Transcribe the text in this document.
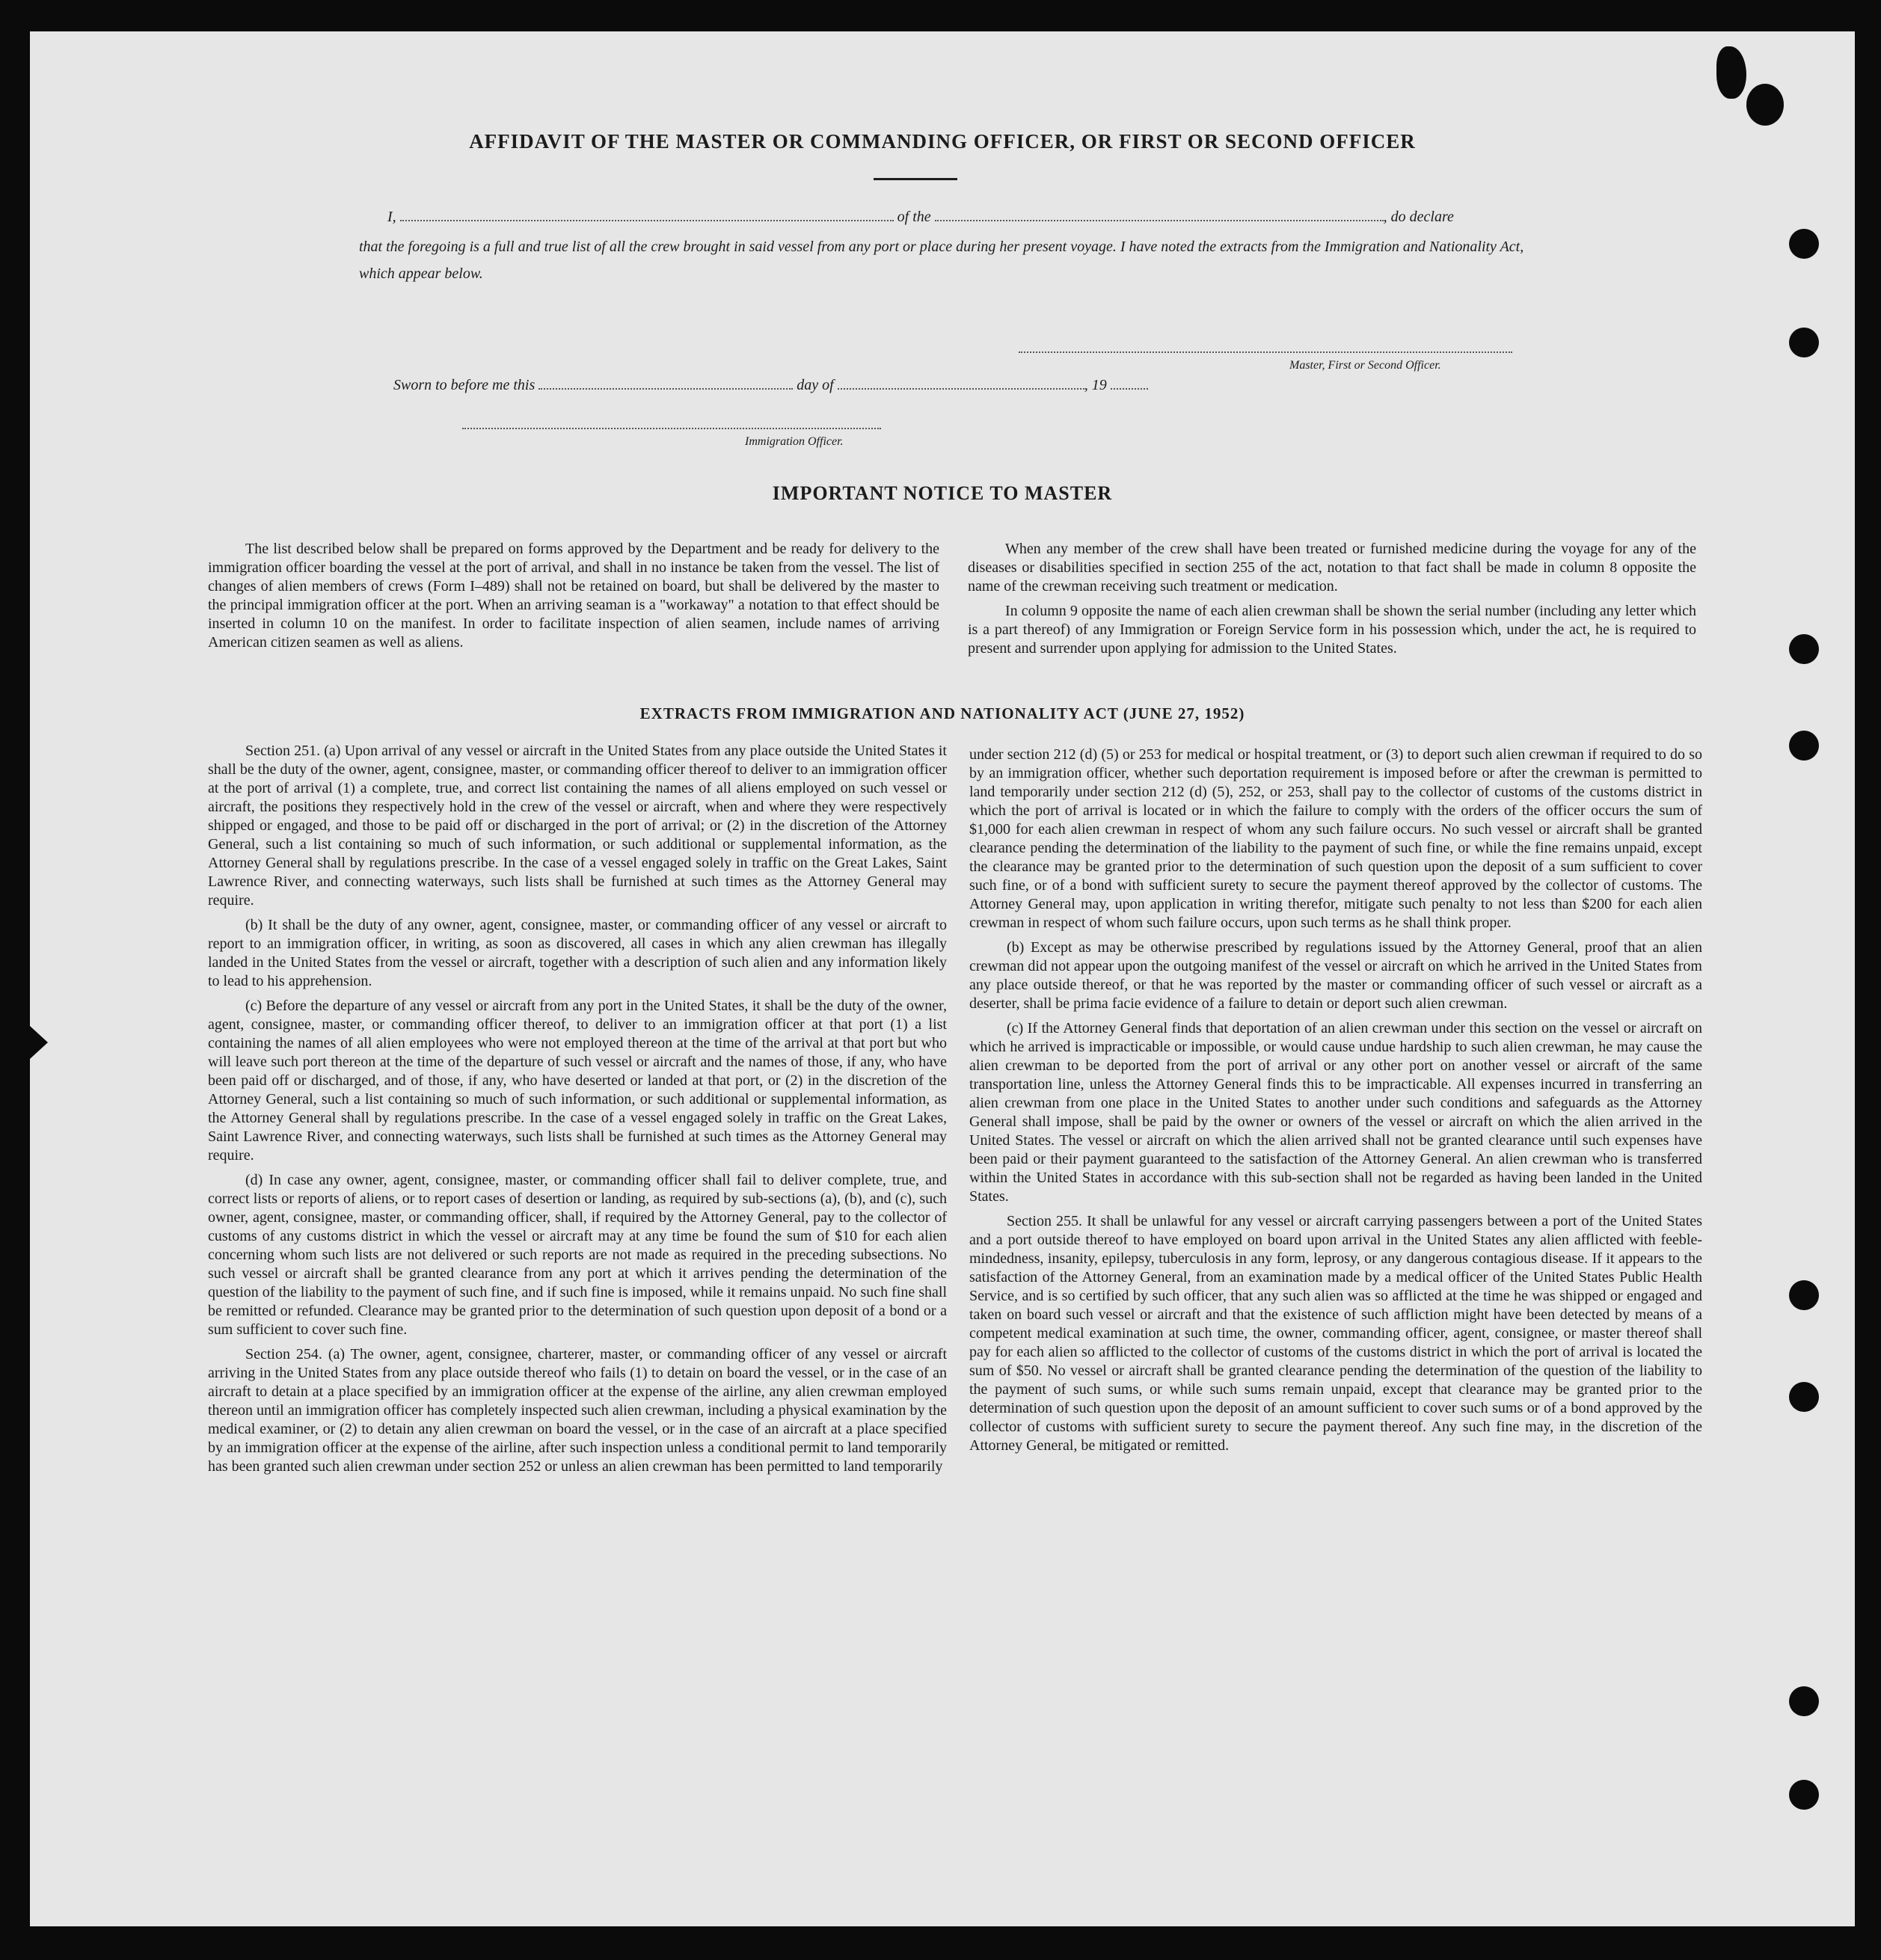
AFFIDAVIT OF THE MASTER OR COMMANDING OFFICER, OR FIRST OR SECOND OFFICER
I,	of the	, do declare
that the foregoing is a full and true list of all the crew brought in said vessel from any port or place during her present voyage. I have noted the extracts from the Immigration and Nationality Act, which appear below.
Master, First or Second Officer.
Sworn to before me this	day of	, 19
Immigration Officer.
IMPORTANT NOTICE TO MASTER

The list described below shall be prepared on forms approved by the Department and be ready for delivery to the immigration officer boarding the vessel at the port of arrival, and shall in no instance be taken from the vessel. The list of changes of alien members of crews (Form I–489) shall not be retained on board, but shall be delivered by the master to the principal immigration officer at the port. When an arriving seaman is a "workaway" a notation to that effect should be inserted in column 10 on the manifest. In order to facilitate inspection of alien seamen, include names of arriving American citizen seamen as well as aliens.

When any member of the crew shall have been treated or furnished medicine during the voyage for any of the diseases or disabilities specified in section 255 of the act, notation to that fact shall be made in column 8 opposite the name of the crewman receiving such treatment or medication.

In column 9 opposite the name of each alien crewman shall be shown the serial number (including any letter which is a part thereof) of any Immigration or Foreign Service form in his possession which, under the act, he is required to present and surrender upon applying for admission to the United States.

EXTRACTS FROM IMMIGRATION AND NATIONALITY ACT (JUNE 27, 1952)

Section 251. (a) Upon arrival of any vessel or aircraft in the United States from any place outside the United States it shall be the duty of the owner, agent, consignee, master, or commanding officer thereof to deliver to an immigration officer at the port of arrival (1) a complete, true, and correct list containing the names of all aliens employed on such vessel or aircraft, the positions they respectively hold in the crew of the vessel or aircraft, when and where they were respectively shipped or engaged, and those to be paid off or discharged in the port of arrival; or (2) in the discretion of the Attorney General, such a list containing so much of such information, or such additional or supplemental information, as the Attorney General shall by regulations prescribe. In the case of a vessel engaged solely in traffic on the Great Lakes, Saint Lawrence River, and connecting waterways, such lists shall be furnished at such times as the Attorney General may require.

(b) It shall be the duty of any owner, agent, consignee, master, or commanding officer of any vessel or aircraft to report to an immigration officer, in writing, as soon as discovered, all cases in which any alien crewman has illegally landed in the United States from the vessel or aircraft, together with a description of such alien and any information likely to lead to his apprehension.

(c) Before the departure of any vessel or aircraft from any port in the United States, it shall be the duty of the owner, agent, consignee, master, or commanding officer thereof, to deliver to an immigration officer at that port (1) a list containing the names of all alien employees who were not employed thereon at the time of the arrival at that port but who will leave such port thereon at the time of the departure of such vessel or aircraft and the names of those, if any, who have been paid off or discharged, and of those, if any, who have deserted or landed at that port, or (2) in the discretion of the Attorney General, such a list containing so much of such information, or such additional or supplemental information, as the Attorney General shall by regulations prescribe. In the case of a vessel engaged solely in traffic on the Great Lakes, Saint Lawrence River, and connecting waterways, such lists shall be furnished at such times as the Attorney General may require.

(d) In case any owner, agent, consignee, master, or commanding officer shall fail to deliver complete, true, and correct lists or reports of aliens, or to report cases of desertion or landing, as required by sub-sections (a), (b), and (c), such owner, agent, consignee, master, or commanding officer, shall, if required by the Attorney General, pay to the collector of customs of any customs district in which the vessel or aircraft may at any time be found the sum of $10 for each alien concerning whom such lists are not delivered or such reports are not made as required in the preceding subsections. No such vessel or aircraft shall be granted clearance from any port at which it arrives pending the determination of the question of the liability to the payment of such fine, and if such fine is imposed, while it remains unpaid. No such fine shall be remitted or refunded. Clearance may be granted prior to the determination of such question upon deposit of a bond or a sum sufficient to cover such fine.

Section 254. (a) The owner, agent, consignee, charterer, master, or commanding officer of any vessel or aircraft arriving in the United States from any place outside thereof who fails (1) to detain on board the vessel, or in the case of an aircraft to detain at a place specified by an immigration officer at the expense of the airline, any alien crewman employed thereon until an immigration officer has completely inspected such alien crewman, including a physical examination by the medical examiner, or (2) to detain any alien crewman on board the vessel, or in the case of an aircraft at a place specified by an immigration officer at the expense of the airline, after such inspection unless a conditional permit to land temporarily has been granted such alien crewman under section 252 or unless an alien crewman has been permitted to land temporarily

under section 212 (d) (5) or 253 for medical or hospital treatment, or (3) to deport such alien crewman if required to do so by an immigration officer, whether such deportation requirement is imposed before or after the crewman is permitted to land temporarily under section 212 (d) (5), 252, or 253, shall pay to the collector of customs of the customs district in which the port of arrival is located or in which the failure to comply with the orders of the officer occurs the sum of $1,000 for each alien crewman in respect of whom any such failure occurs. No such vessel or aircraft shall be granted clearance pending the determination of the liability to the payment of such fine, or while the fine remains unpaid, except the clearance may be granted prior to the determination of such question upon the deposit of a sum sufficient to cover such fine, or of a bond with sufficient surety to secure the payment thereof approved by the collector of customs. The Attorney General may, upon application in writing therefor, mitigate such penalty to not less than $200 for each alien crewman in respect of whom such failure occurs, upon such terms as he shall think proper.

(b) Except as may be otherwise prescribed by regulations issued by the Attorney General, proof that an alien crewman did not appear upon the outgoing manifest of the vessel or aircraft on which he arrived in the United States from any place outside thereof, or that he was reported by the master or commanding officer of such vessel or aircraft as a deserter, shall be prima facie evidence of a failure to detain or deport such alien crewman.

(c) If the Attorney General finds that deportation of an alien crewman under this section on the vessel or aircraft on which he arrived is impracticable or impossible, or would cause undue hardship to such alien crewman, he may cause the alien crewman to be deported from the port of arrival or any other port on another vessel or aircraft of the same transportation line, unless the Attorney General finds this to be impracticable. All expenses incurred in transferring an alien crewman from one place in the United States to another under such conditions and safeguards as the Attorney General shall impose, shall be paid by the owner or owners of the vessel or aircraft on which the alien arrived in the United States. The vessel or aircraft on which the alien arrived shall not be granted clearance until such expenses have been paid or their payment guaranteed to the satisfaction of the Attorney General. An alien crewman who is transferred within the United States in accordance with this sub-section shall not be regarded as having been landed in the United States.

Section 255. It shall be unlawful for any vessel or aircraft carrying passengers between a port of the United States and a port outside thereof to have employed on board upon arrival in the United States any alien afflicted with feeble-mindedness, insanity, epilepsy, tuberculosis in any form, leprosy, or any dangerous contagious disease. If it appears to the satisfaction of the Attorney General, from an examination made by a medical officer of the United States Public Health Service, and is so certified by such officer, that any such alien was so afflicted at the time he was shipped or engaged and taken on board such vessel or aircraft and that the existence of such affliction might have been detected by means of a competent medical examination at such time, the owner, commanding officer, agent, consignee, or master thereof shall pay for each alien so afflicted to the collector of customs of the customs district in which the port of arrival is located the sum of $50. No vessel or aircraft shall be granted clearance pending the determination of the question of the liability to the payment of such sums, or while such sums remain unpaid, except that clearance may be granted prior to the determination of such question upon the deposit of an amount sufficient to cover such sums or of a bond approved by the collector of customs with sufficient surety to secure the payment thereof. Any such fine may, in the discretion of the Attorney General, be mitigated or remitted.
